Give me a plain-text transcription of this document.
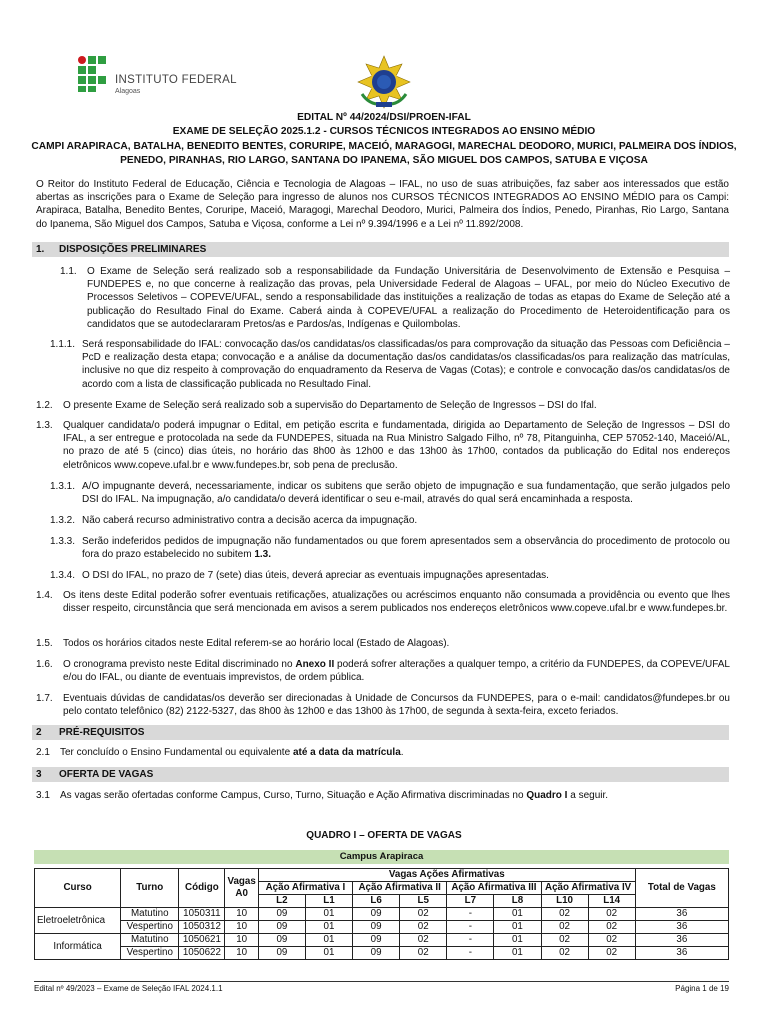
INSTITUTO FEDERAL
Alagoas
EDITAL Nº 44/2024/DSI/PROEN-IFAL
EXAME DE SELEÇÃO 2025.1.2 - CURSOS TÉCNICOS INTEGRADOS AO ENSINO MÉDIO
CAMPI ARAPIRACA, BATALHA, BENEDITO BENTES, CORURIPE, MACEIÓ, MARAGOGI, MARECHAL DEODORO, MURICI, PALMEIRA DOS ÍNDIOS,
PENEDO, PIRANHAS, RIO LARGO, SANTANA DO IPANEMA, SÃO MIGUEL DOS CAMPOS, SATUBA E VIÇOSA
O Reitor do Instituto Federal de Educação, Ciência e Tecnologia de Alagoas – IFAL, no uso de suas atribuições, faz saber aos interessados que estão abertas as inscrições para o Exame de Seleção para ingresso de alunos nos CURSOS TÉCNICOS INTEGRADOS AO ENSINO MÉDIO para os Campi: Arapiraca, Batalha, Benedito Bentes, Coruripe, Maceió, Maragogi, Marechal Deodoro, Murici, Palmeira dos Índios, Penedo, Piranhas, Rio Largo, Santana do Ipanema, São Miguel dos Campos, Satuba e Viçosa, conforme a Lei nº 9.394/1996 e a Lei nº 11.892/2008.
1. DISPOSIÇÕES PRELIMINARES
1.1. O Exame de Seleção será realizado sob a responsabilidade da Fundação Universitária de Desenvolvimento de Extensão e Pesquisa – FUNDEPES e, no que concerne à realização das provas, pela Universidade Federal de Alagoas – UFAL, por meio do Núcleo Executivo de Processos Seletivos – COPEVE/UFAL, sendo a responsabilidade das instituições a realização de todas as etapas do Exame de Seleção até a publicação do Resultado Final do Exame. Caberá ainda à COPEVE/UFAL a realização do Procedimento de Heteroidentificação para os candidatos que se autodeclararam Pretos/as e Pardos/as, Indígenas e Quilombolas.
1.1.1. Será responsabilidade do IFAL: convocação das/os candidatas/os classificadas/os para comprovação da situação das Pessoas com Deficiência – PcD e realização desta etapa; convocação e a análise da documentação das/os candidatas/os classificadas/os para realização das matrículas, inclusive no que diz respeito à comprovação do enquadramento da Reserva de Vagas (Cotas); e controle e convocação das/os candidatas/os de acordo com a lista de classificação publicada no Resultado Final.
1.2. O presente Exame de Seleção será realizado sob a supervisão do Departamento de Seleção de Ingressos – DSI do Ifal.
1.3. Qualquer candidata/o poderá impugnar o Edital, em petição escrita e fundamentada, dirigida ao Departamento de Seleção de Ingressos – DSI do IFAL, a ser entregue e protocolada na sede da FUNDEPES, situada na Rua Ministro Salgado Filho, nº 78, Pitanguinha, CEP 57052-140, Maceió/AL, no prazo de até 5 (cinco) dias úteis, no horário das 8h00 às 12h00 e das 13h00 às 17h00, contados da publicação do Edital nos endereços eletrônicos www.copeve.ufal.br e www.fundepes.br, sob pena de preclusão.
1.3.1. A/O impugnante deverá, necessariamente, indicar os subitens que serão objeto de impugnação e sua fundamentação, que serão julgados pelo DSI do IFAL. Na impugnação, a/o candidata/o deverá identificar o seu e-mail, através do qual será encaminhada a resposta.
1.3.2. Não caberá recurso administrativo contra a decisão acerca da impugnação.
1.3.3. Serão indeferidos pedidos de impugnação não fundamentados ou que forem apresentados sem a observância do procedimento de protocolo ou fora do prazo estabelecido no subitem 1.3.
1.3.4. O DSI do IFAL, no prazo de 7 (sete) dias úteis, deverá apreciar as eventuais impugnações apresentadas.
1.4. Os itens deste Edital poderão sofrer eventuais retificações, atualizações ou acréscimos enquanto não consumada a providência ou evento que lhes disser respeito, circunstância que será mencionada em avisos a serem publicados nos endereços eletrônicos www.copeve.ufal.br e www.fundepes.br.
1.5. Todos os horários citados neste Edital referem-se ao horário local (Estado de Alagoas).
1.6. O cronograma previsto neste Edital discriminado no Anexo II poderá sofrer alterações a qualquer tempo, a critério da FUNDEPES, da COPEVE/UFAL e/ou do IFAL, ou diante de eventuais imprevistos, de ordem pública.
1.7. Eventuais dúvidas de candidatas/os deverão ser direcionadas à Unidade de Concursos da FUNDEPES, para o e-mail: candidatos@fundepes.br ou pelo contato telefônico (82) 2122-5327, das 8h00 às 12h00 e das 13h00 às 17h00, de segunda à sexta-feira, exceto feriados.
2 PRÉ-REQUISITOS
2.1 Ter concluído o Ensino Fundamental ou equivalente até a data da matrícula.
3 OFERTA DE VAGAS
3.1 As vagas serão ofertadas conforme Campus, Curso, Turno, Situação e Ação Afirmativa discriminadas no Quadro I a seguir.
QUADRO I – OFERTA DE VAGAS
Campus Arapiraca
Curso	Turno	Código	Vagas A0	Vagas Ações Afirmativas								Total de Vagas
				Ação Afirmativa I		Ação Afirmativa II		Ação Afirmativa III		Ação Afirmativa IV		
				L2	L1	L6	L5	L7	L8	L10	L14	
Eletroeletrônica	Matutino	1050311	10	09	01	09	02	-	01	02	02	36
	Vespertino	1050312	10	09	01	09	02	-	01	02	02	36
Informática	Matutino	1050621	10	09	01	09	02	-	01	02	02	36
	Vespertino	1050622	10	09	01	09	02	-	01	02	02	36
Edital nº 49/2023 – Exame de Seleção IFAL 2024.1.1	Página 1 de 19
